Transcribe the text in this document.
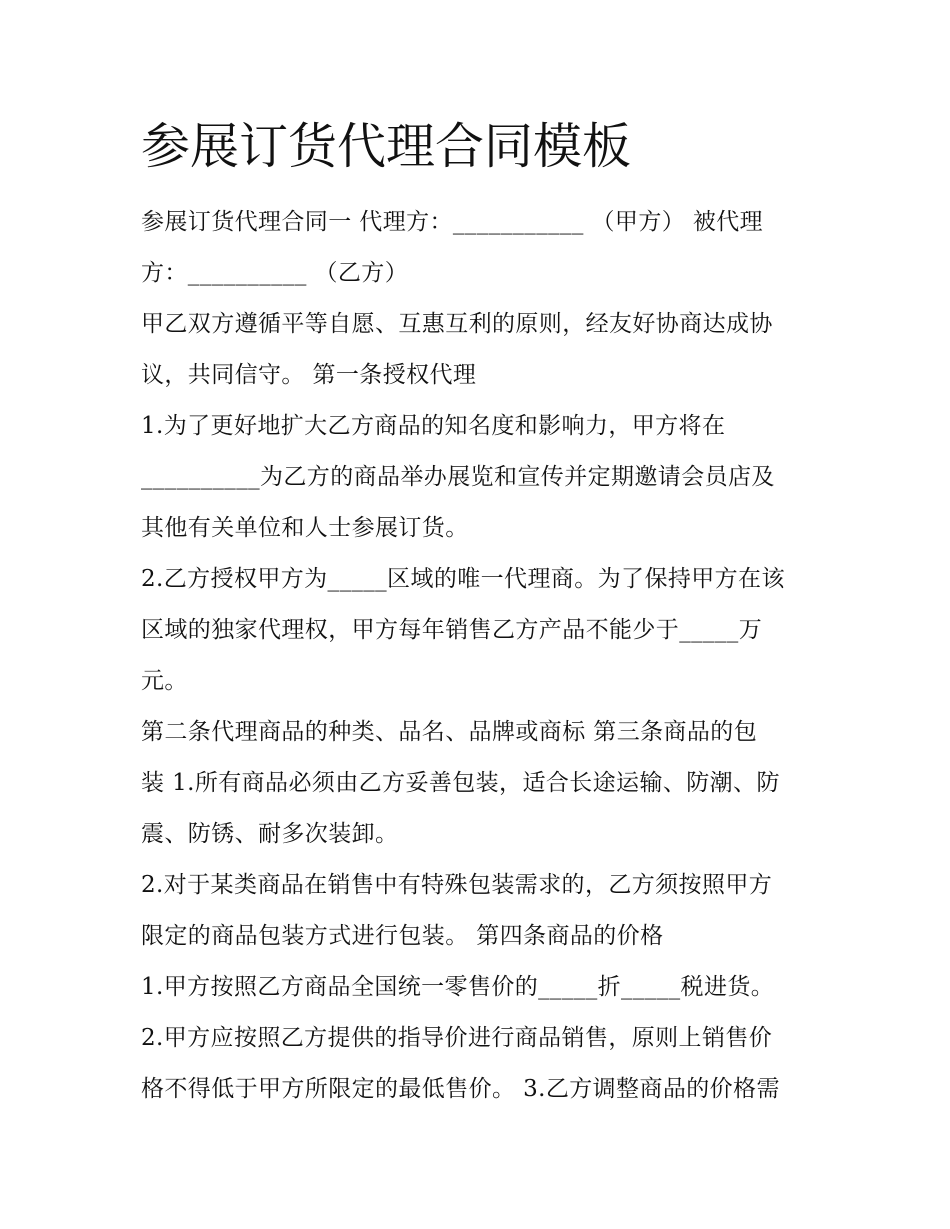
参展订货代理合同模板
参展订货代理合同一 代理方：___________ （甲方） 被代理
方：__________ （乙方）
甲乙双方遵循平等自愿、互惠互利的原则，经友好协商达成协
议，共同信守。 第一条授权代理
1.为了更好地扩大乙方商品的知名度和影响力，甲方将在
__________为乙方的商品举办展览和宣传并定期邀请会员店及
其他有关单位和人士参展订货。
2.乙方授权甲方为_____区域的唯一代理商。为了保持甲方在该
区域的独家代理权，甲方每年销售乙方产品不能少于_____万
元。
第二条代理商品的种类、品名、品牌或商标 第三条商品的包
装 1.所有商品必须由乙方妥善包装，适合长途运输、防潮、防
震、防锈、耐多次装卸。
2.对于某类商品在销售中有特殊包装需求的，乙方须按照甲方
限定的商品包装方式进行包装。 第四条商品的价格
1.甲方按照乙方商品全国统一零售价的_____折_____税进货。
2.甲方应按照乙方提供的指导价进行商品销售，原则上销售价
格不得低于甲方所限定的最低售价。 3.乙方调整商品的价格需
